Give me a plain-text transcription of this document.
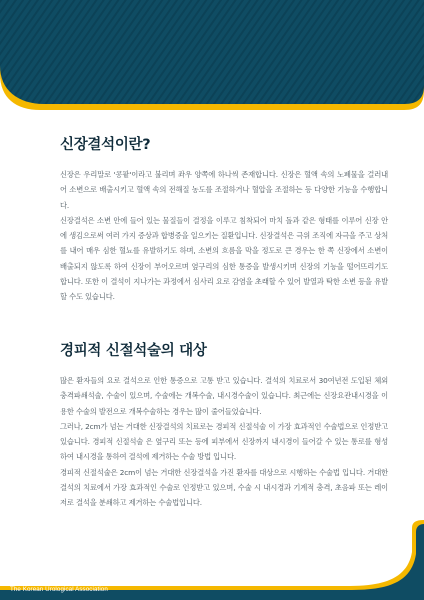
신장결석이란?

신장은 우리말로 '콩팥'이라고 불리며 좌우 양쪽에 하나씩 존재합니다. 신장은 혈액 속의 노폐물을 걸러내어 소변으로 배출시키고 혈액 속의 전해질 농도를 조절하거나 혈압을 조절하는 등 다양한 기능을 수행합니다.

신장결석은 소변 안에 들어 있는 물질들이 결정을 이루고 침착되어 마치 돌과 같은 형태를 이루어 신장 안에 생김으로써 여러 가지 증상과 합병증을 일으키는 질환입니다. 신장결석은 극위 조직에 자극을 주고 상처를 내어 매우 심한 혈뇨를 유발하기도 하며, 소변의 흐름을 막을 정도로 큰 경우는 한 쪽 신장에서 소변이 배출되지 않도록 하여 신장이 부어오르며 옆구리의 심한 통증을 발생시키며 신장의 기능을 떨어뜨리기도 합니다. 또한 이 결석이 지나가는 과정에서 심사리 요로 감염을 초래할 수 있어 발열과 탁한 소변 등을 유발할 수도 있습니다.

경피적 신절석술의 대상

많은 환자들의 요로 결석으로 인한 통증으로 고통 받고 있습니다. 결석의 치료로서 30여년전 도입된 체외충격파쇄석술, 수술이 있으며, 수술에는 개복수술, 내시경수술이 있습니다. 최근에는 신장요관내시경을 이용한 수술의 발전으로 개복수술하는 경우는 많이 줄어들었습니다.

그러나, 2cm가 넘는 거대한 신장결석의 치료로는 경피적 신절석술 이 가장 효과적인 수술법으로 인정받고 있습니다. 경피적 신절석술 은 옆구리 또는 등에 피부에서 신장까지 내시경이 들어갈 수 있는 통로를 형성하여 내시경을 통하여 결석에 제거하는 수술 방법 입니다.

경피적 신절석술은 2cm이 넘는 거대한 신장결석을 가진 환자를 대상으로 시행하는 수술법 입니다. 거대한 결석의 치료에서 가장 효과적인 수술로 인정받고 있으며, 수술 시 내시경과 기계적 충격, 초음파 또는 레이저로 결석을 분쇄하고 제거하는 수술법입니다.

The Korean Urological Association
